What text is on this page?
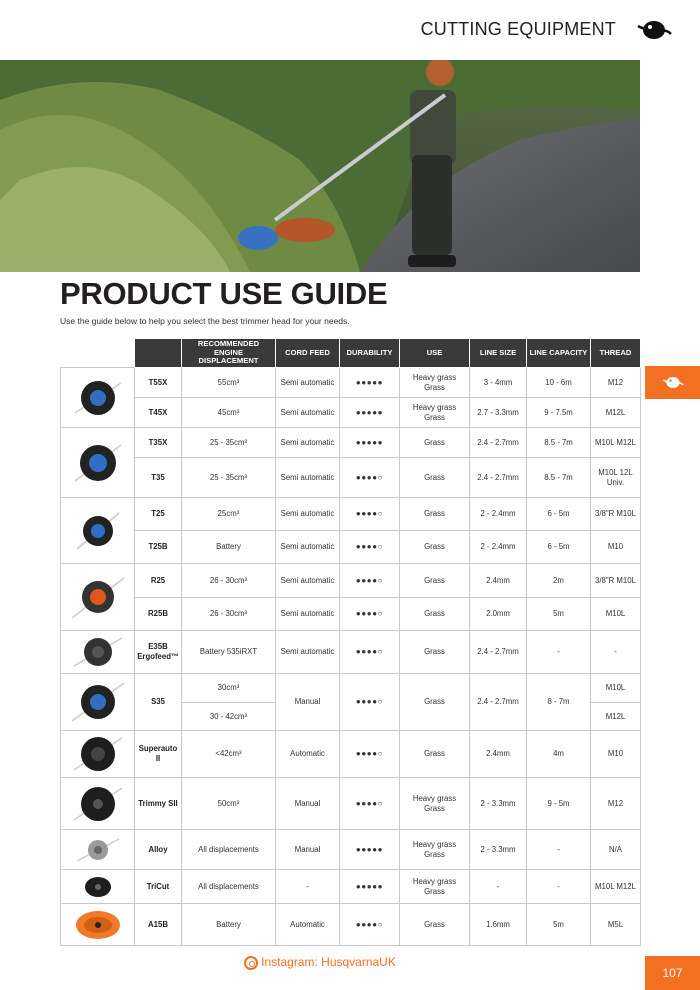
CUTTING EQUIPMENT
PRODUCT USE GUIDE
Use the guide below to help you select the best trimmer head for your needs.
		RECOMMENDED ENGINE DISPLACEMENT	CORD FEED	DURABILITY	USE	LINE SIZE	LINE CAPACITY	THREAD

	T55X	55cm³	Semi automatic	●●●●●	Heavy grass Grass	3 - 4mm	10 - 6m	M12
	T45X	45cm³	Semi automatic	●●●●●	Heavy grass Grass	2.7 - 3.3mm	9 - 7.5m	M12L

	T35X	25 - 35cm³	Semi automatic	●●●●●	Grass	2.4 - 2.7mm	8.5 - 7m	M10L M12L
	T35	25 - 35cm³	Semi automatic	●●●●○	Grass	2.4 - 2.7mm	8.5 - 7m	M10L 12L Univ.

	T25	25cm³	Semi automatic	●●●●○	Grass	2 - 2.4mm	6 - 5m	3/8"R M10L
	T25B	Battery	Semi automatic	●●●●○	Grass	2 - 2.4mm	6 - 5m	M10

	R25	26 - 30cm³	Semi automatic	●●●●○	Grass	2.4mm	2m	3/8"R M10L
	R25B	26 - 30cm³	Semi automatic	●●●●○	Grass	2.0mm	5m	M10L

	E35B Ergofeed™	Battery 535iRXT	Semi automatic	●●●●○	Grass	2.4 - 2.7mm	-	-

	S35	30cm³	Manual	●●●●○	Grass	2.4 - 2.7mm	8 - 7m	M10L
		30 - 42cm³						M12L

	Superauto II	<42cm³	Automatic	●●●●○	Grass	2.4mm	4m	M10

	Trimmy SII	50cm³	Manual	●●●●○	Heavy grass Grass	2 - 3.3mm	9 - 5m	M12

	Alloy	All displacements	Manual	●●●●●	Heavy grass Grass	2 - 3.3mm	-	N/A

	TriCut	All displacements	-	●●●●●	Heavy grass Grass	-	-	M10L M12L

	A15B	Battery	Automatic	●●●●○	Grass	1.6mm	5m	M5L
Instagram: HusqvarnaUK
107
